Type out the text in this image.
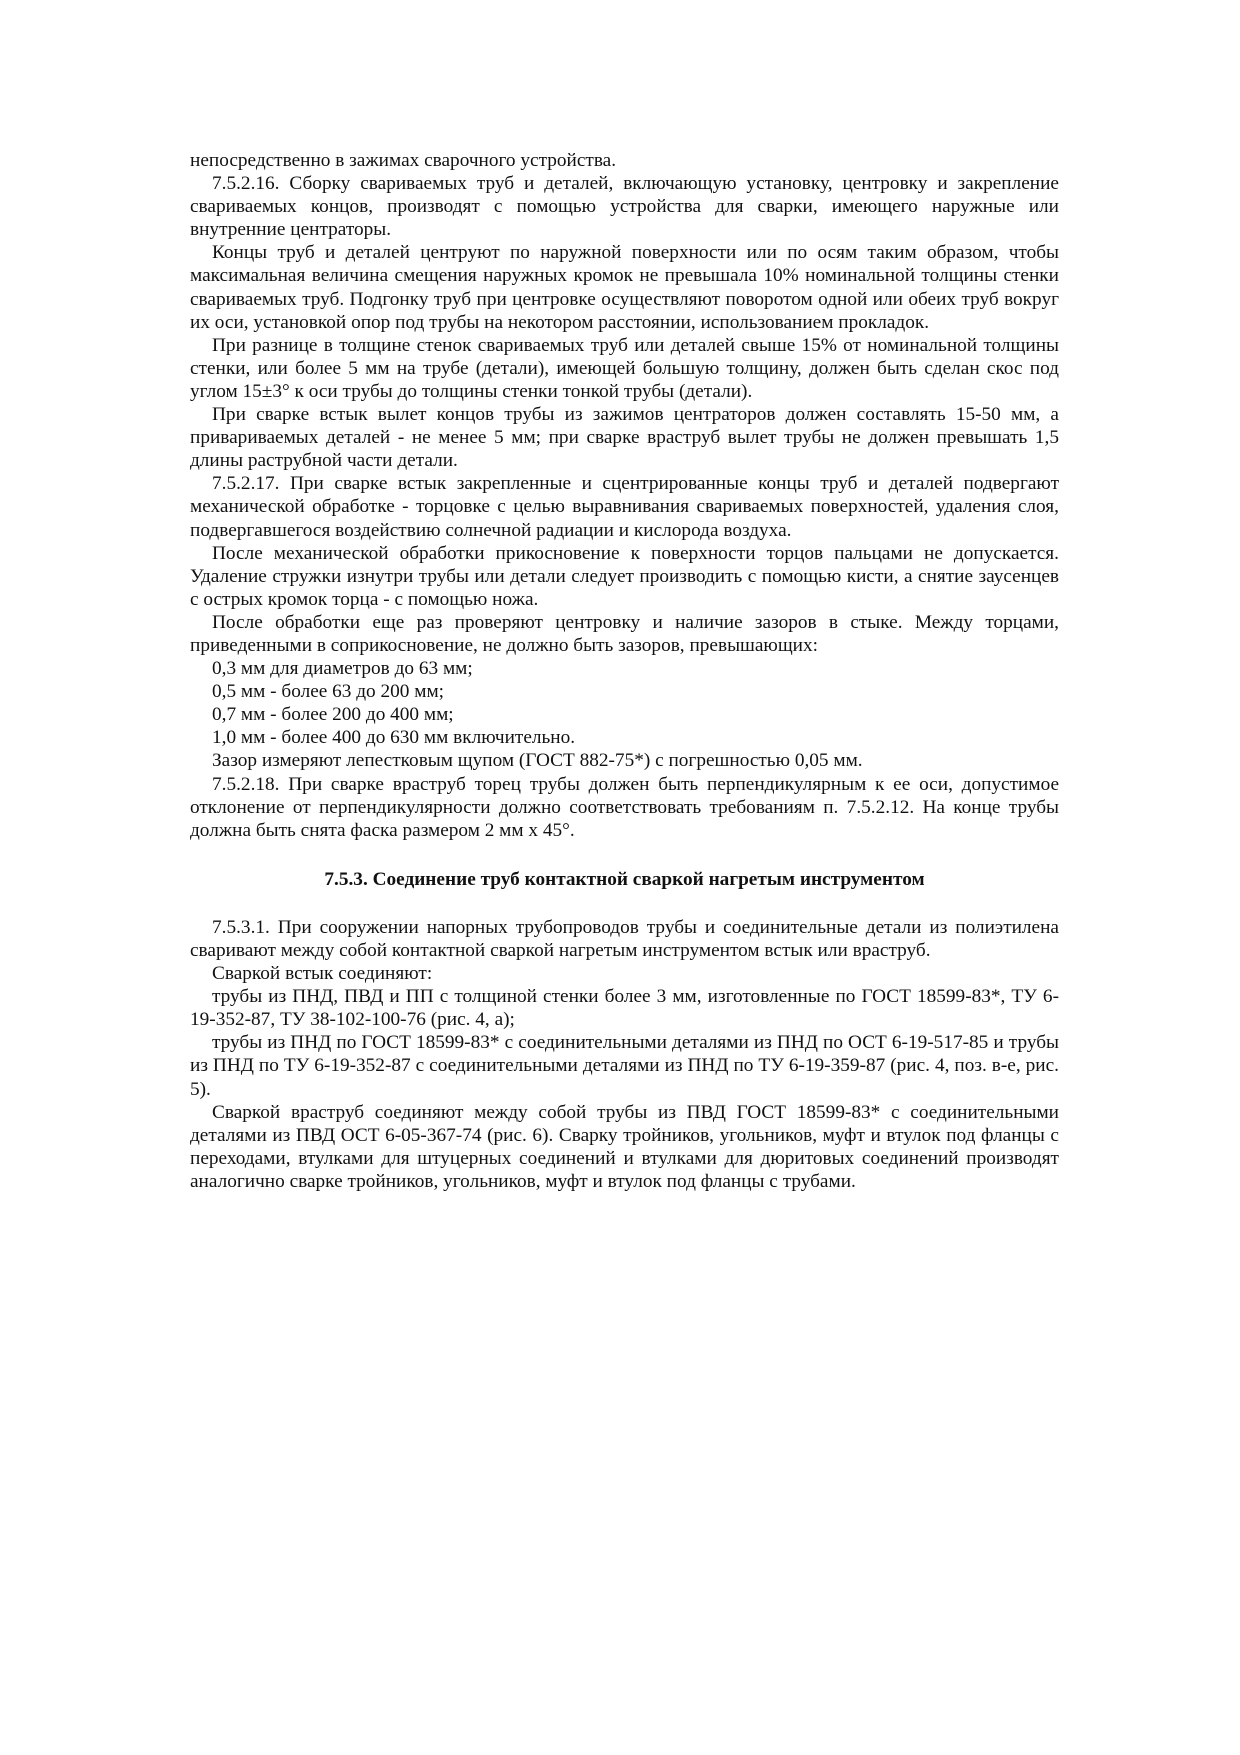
непосредственно в зажимах сварочного устройства.

7.5.2.16. Сборку свариваемых труб и деталей, включающую установку, центровку и закрепление свариваемых концов, производят с помощью устройства для сварки, имеющего наружные или внутренние центраторы.

Концы труб и деталей центруют по наружной поверхности или по осям таким образом, чтобы максимальная величина смещения наружных кромок не превышала 10% номинальной толщины стенки свариваемых труб. Подгонку труб при центровке осуществляют поворотом одной или обеих труб вокруг их оси, установкой опор под трубы на некотором расстоянии, использованием прокладок.

При разнице в толщине стенок свариваемых труб или деталей свыше 15% от номинальной толщины стенки, или более 5 мм на трубе (детали), имеющей большую толщину, должен быть сделан скос под углом 15±3° к оси трубы до толщины стенки тонкой трубы (детали).

При сварке встык вылет концов трубы из зажимов центраторов должен составлять 15-50 мм, а привариваемых деталей - не менее 5 мм; при сварке враструб вылет трубы не должен превышать 1,5 длины раструбной части детали.

7.5.2.17. При сварке встык закрепленные и сцентрированные концы труб и деталей подвергают механической обработке - торцовке с целью выравнивания свариваемых поверхностей, удаления слоя, подвергавшегося воздействию солнечной радиации и кислорода воздуха.

После механической обработки прикосновение к поверхности торцов пальцами не допускается. Удаление стружки изнутри трубы или детали следует производить с помощью кисти, а снятие заусенцев с острых кромок торца - с помощью ножа.

После обработки еще раз проверяют центровку и наличие зазоров в стыке. Между торцами, приведенными в соприкосновение, не должно быть зазоров, превышающих:

0,3 мм для диаметров до 63 мм;

0,5 мм - более 63 до 200 мм;

0,7 мм - более 200 до 400 мм;

1,0 мм - более 400 до 630 мм включительно.

Зазор измеряют лепестковым щупом (ГОСТ 882-75*) с погрешностью 0,05 мм.

7.5.2.18. При сварке враструб торец трубы должен быть перпендикулярным к ее оси, допустимое отклонение от перпендикулярности должно соответствовать требованиям п. 7.5.2.12. На конце трубы должна быть снята фаска размером 2 мм х 45°.

7.5.3. Соединение труб контактной сваркой нагретым инструментом

7.5.3.1. При сооружении напорных трубопроводов трубы и соединительные детали из полиэтилена сваривают между собой контактной сваркой нагретым инструментом встык или враструб.

Сваркой встык соединяют:

трубы из ПНД, ПВД и ПП с толщиной стенки более 3 мм, изготовленные по ГОСТ 18599-83*, ТУ 6-19-352-87, ТУ 38-102-100-76 (рис. 4, а);

трубы из ПНД по ГОСТ 18599-83* с соединительными деталями из ПНД по ОСТ 6-19-517-85 и трубы из ПНД по ТУ 6-19-352-87 с соединительными деталями из ПНД по ТУ 6-19-359-87 (рис. 4, поз. в-е, рис. 5).

Сваркой враструб соединяют между собой трубы из ПВД ГОСТ 18599-83* с соединительными деталями из ПВД ОСТ 6-05-367-74 (рис. 6). Сварку тройников, угольников, муфт и втулок под фланцы с переходами, втулками для штуцерных соединений и втулками для дюритовых соединений производят аналогично сварке тройников, угольников, муфт и втулок под фланцы с трубами.
